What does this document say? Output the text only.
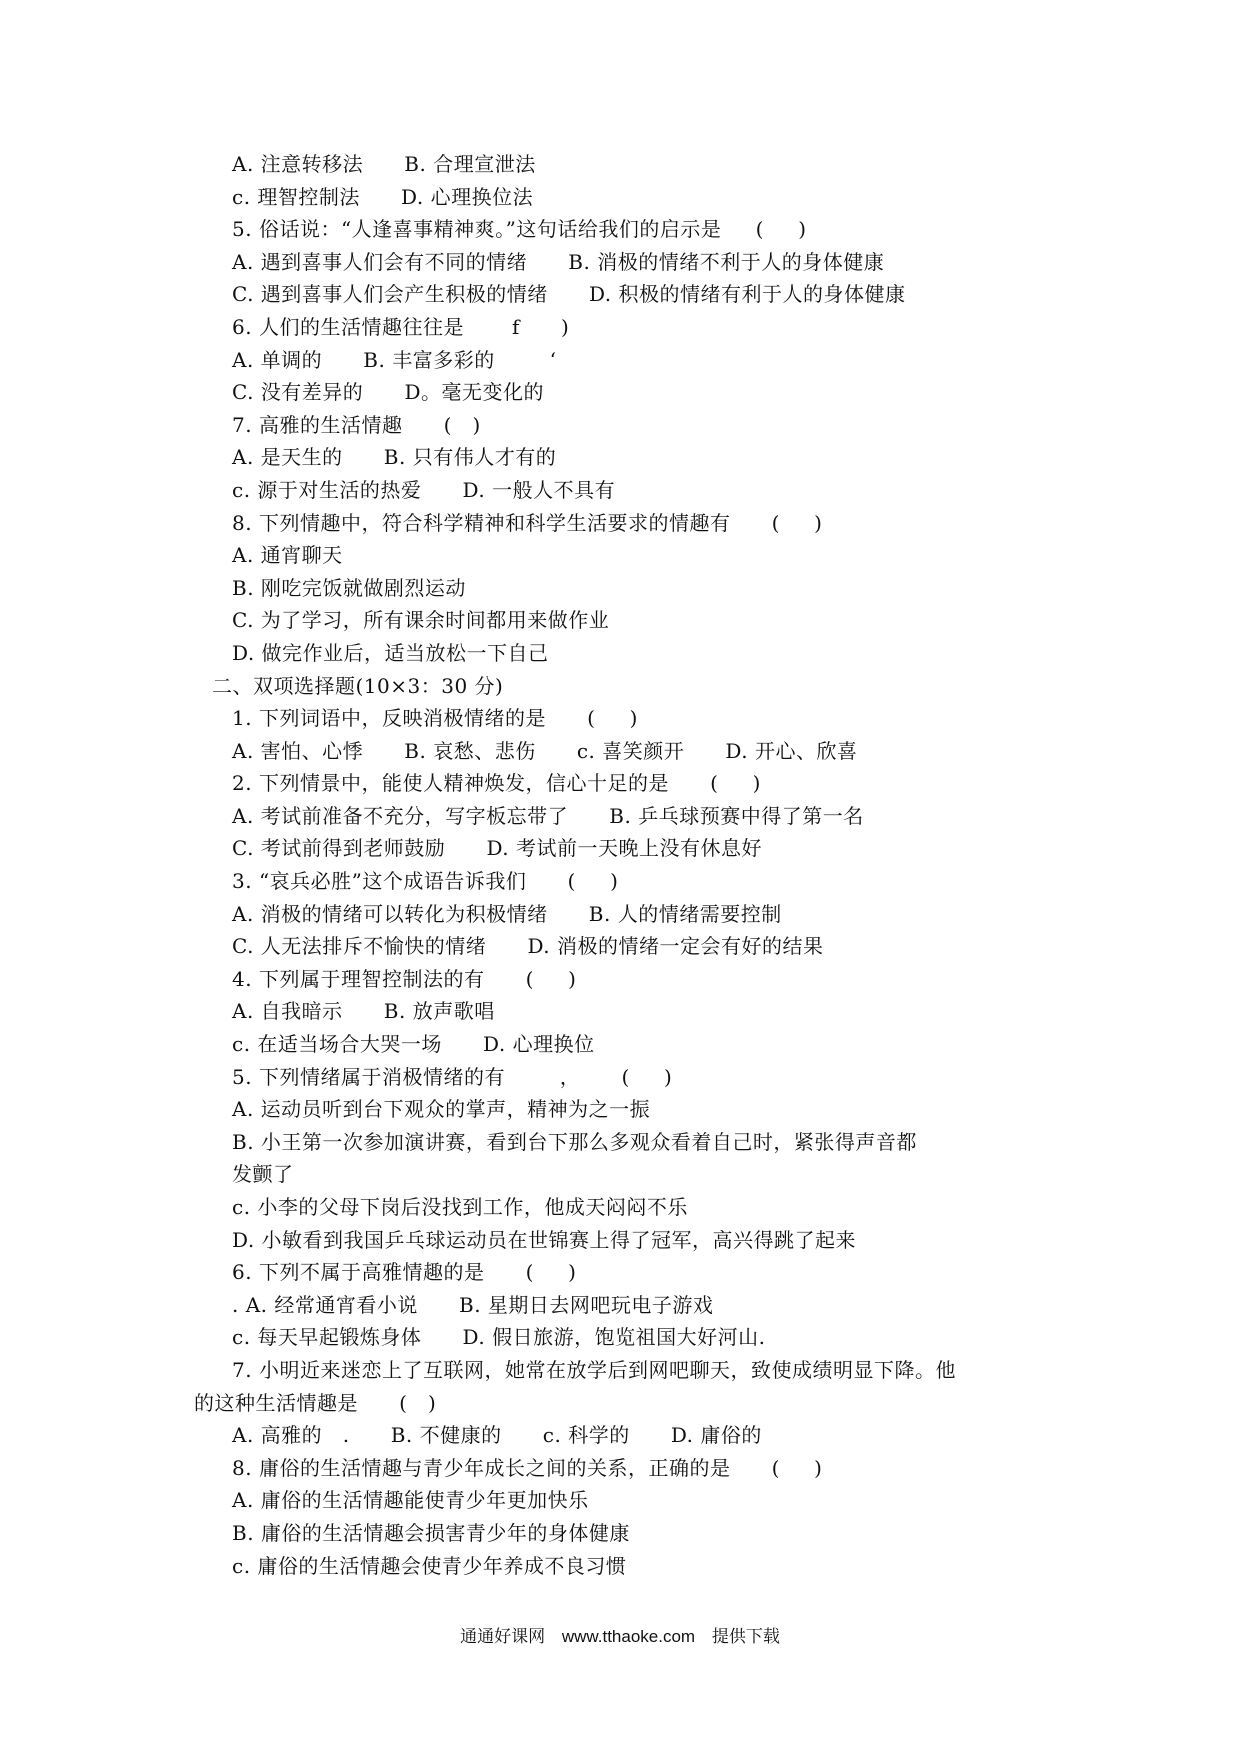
A. 注意转移法      B. 合理宣泄法
c. 理智控制法      D. 心理换位法
5. 俗话说：“人逢喜事精神爽。”这句话给我们的启示是     (     )
A. 遇到喜事人们会有不同的情绪      B. 消极的情绪不利于人的身体健康
C. 遇到喜事人们会产生积极的情绪      D. 积极的情绪有利于人的身体健康
6. 人们的生活情趣往往是       f      )
A. 单调的      B. 丰富多彩的        ‘
C. 没有差异的      D。毫无变化的
7. 高雅的生活情趣      (   )
A. 是天生的      B. 只有伟人才有的
c. 源于对生活的热爱      D. 一般人不具有
8. 下列情趣中，符合科学精神和科学生活要求的情趣有      (     )
A. 通宵聊天
B. 刚吃完饭就做剧烈运动
C. 为了学习，所有课余时间都用来做作业
D. 做完作业后，适当放松一下自己
二、双项选择题(10×3：30 分)
1. 下列词语中，反映消极情绪的是      (     )
A. 害怕、心悸      B. 哀愁、悲伤      c. 喜笑颜开      D. 开心、欣喜
2. 下列情景中，能使人精神焕发，信心十足的是      (     )
A. 考试前准备不充分，写字板忘带了      B. 乒乓球预赛中得了第一名
C. 考试前得到老师鼓励      D. 考试前一天晚上没有休息好
3. “哀兵必胜”这个成语告诉我们      (     )
A. 消极的情绪可以转化为积极情绪      B. 人的情绪需要控制
C. 人无法排斥不愉快的情绪      D. 消极的情绪一定会有好的结果
4. 下列属于理智控制法的有      (     )
A. 自我暗示      B. 放声歌唱
c. 在适当场合大哭一场      D. 心理换位
5. 下列情绪属于消极情绪的有        ，      (     )
A. 运动员听到台下观众的掌声，精神为之一振
B. 小王第一次参加演讲赛，看到台下那么多观众看着自己时，紧张得声音都
发颤了
c. 小李的父母下岗后没找到工作，他成天闷闷不乐
D. 小敏看到我国乒乓球运动员在世锦赛上得了冠军，高兴得跳了起来
6. 下列不属于高雅情趣的是      (     )
. A. 经常通宵看小说      B. 星期日去网吧玩电子游戏
c. 每天早起锻炼身体      D. 假日旅游，饱览祖国大好河山.
7. 小明近来迷恋上了互联网，她常在放学后到网吧聊天，致使成绩明显下降。他
的这种生活情趣是      (   )
A. 高雅的   .      B. 不健康的      c. 科学的      D. 庸俗的
8. 庸俗的生活情趣与青少年成长之间的关系，正确的是      (     )
A. 庸俗的生活情趣能使青少年更加快乐
B. 庸俗的生活情趣会损害青少年的身体健康
c. 庸俗的生活情趣会使青少年养成不良习惯
通通好课网 www.tthaoke.com 提供下载
